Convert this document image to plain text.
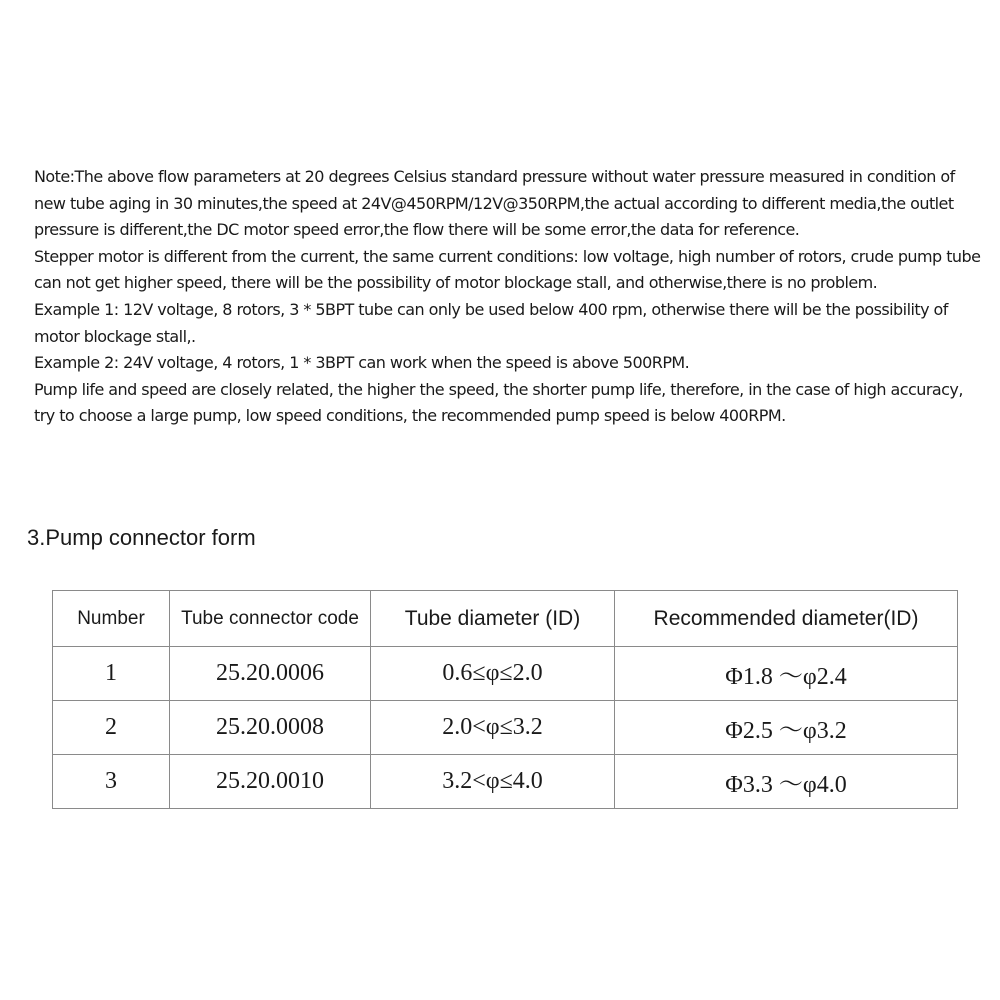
Note:The above flow parameters at 20 degrees Celsius standard pressure without water pressure measured in condition of new tube aging in 30 minutes,the speed at 24V@450RPM/12V@350RPM,the actual according to different media,the outlet pressure is different,the DC motor speed error,the flow there will be some error,the data for reference.
Stepper motor is different from the current, the same current conditions: low voltage, high number of rotors, crude pump tube can not get higher speed, there will be the possibility of motor blockage stall, and otherwise,there is no problem.
Example 1: 12V voltage, 8 rotors, 3 * 5BPT tube can only be used below 400 rpm, otherwise there will be the possibility of motor blockage stall,.
Example 2: 24V voltage, 4 rotors, 1 * 3BPT can work when the speed is above 500RPM.
Pump life and speed are closely related, the higher the speed, the shorter pump life, therefore, in the case of high accuracy, try to choose a large pump, low speed conditions, the recommended pump speed is below 400RPM.
3.Pump connector form
Number	Tube connector code	Tube diameter (ID)	Recommended diameter(ID)
1	25.20.0006	0.6≤φ≤2.0	Φ1.8 ～φ2.4
2	25.20.0008	2.0<φ≤3.2	Φ2.5 ～φ3.2
3	25.20.0010	3.2<φ≤4.0	Φ3.3 ～φ4.0
